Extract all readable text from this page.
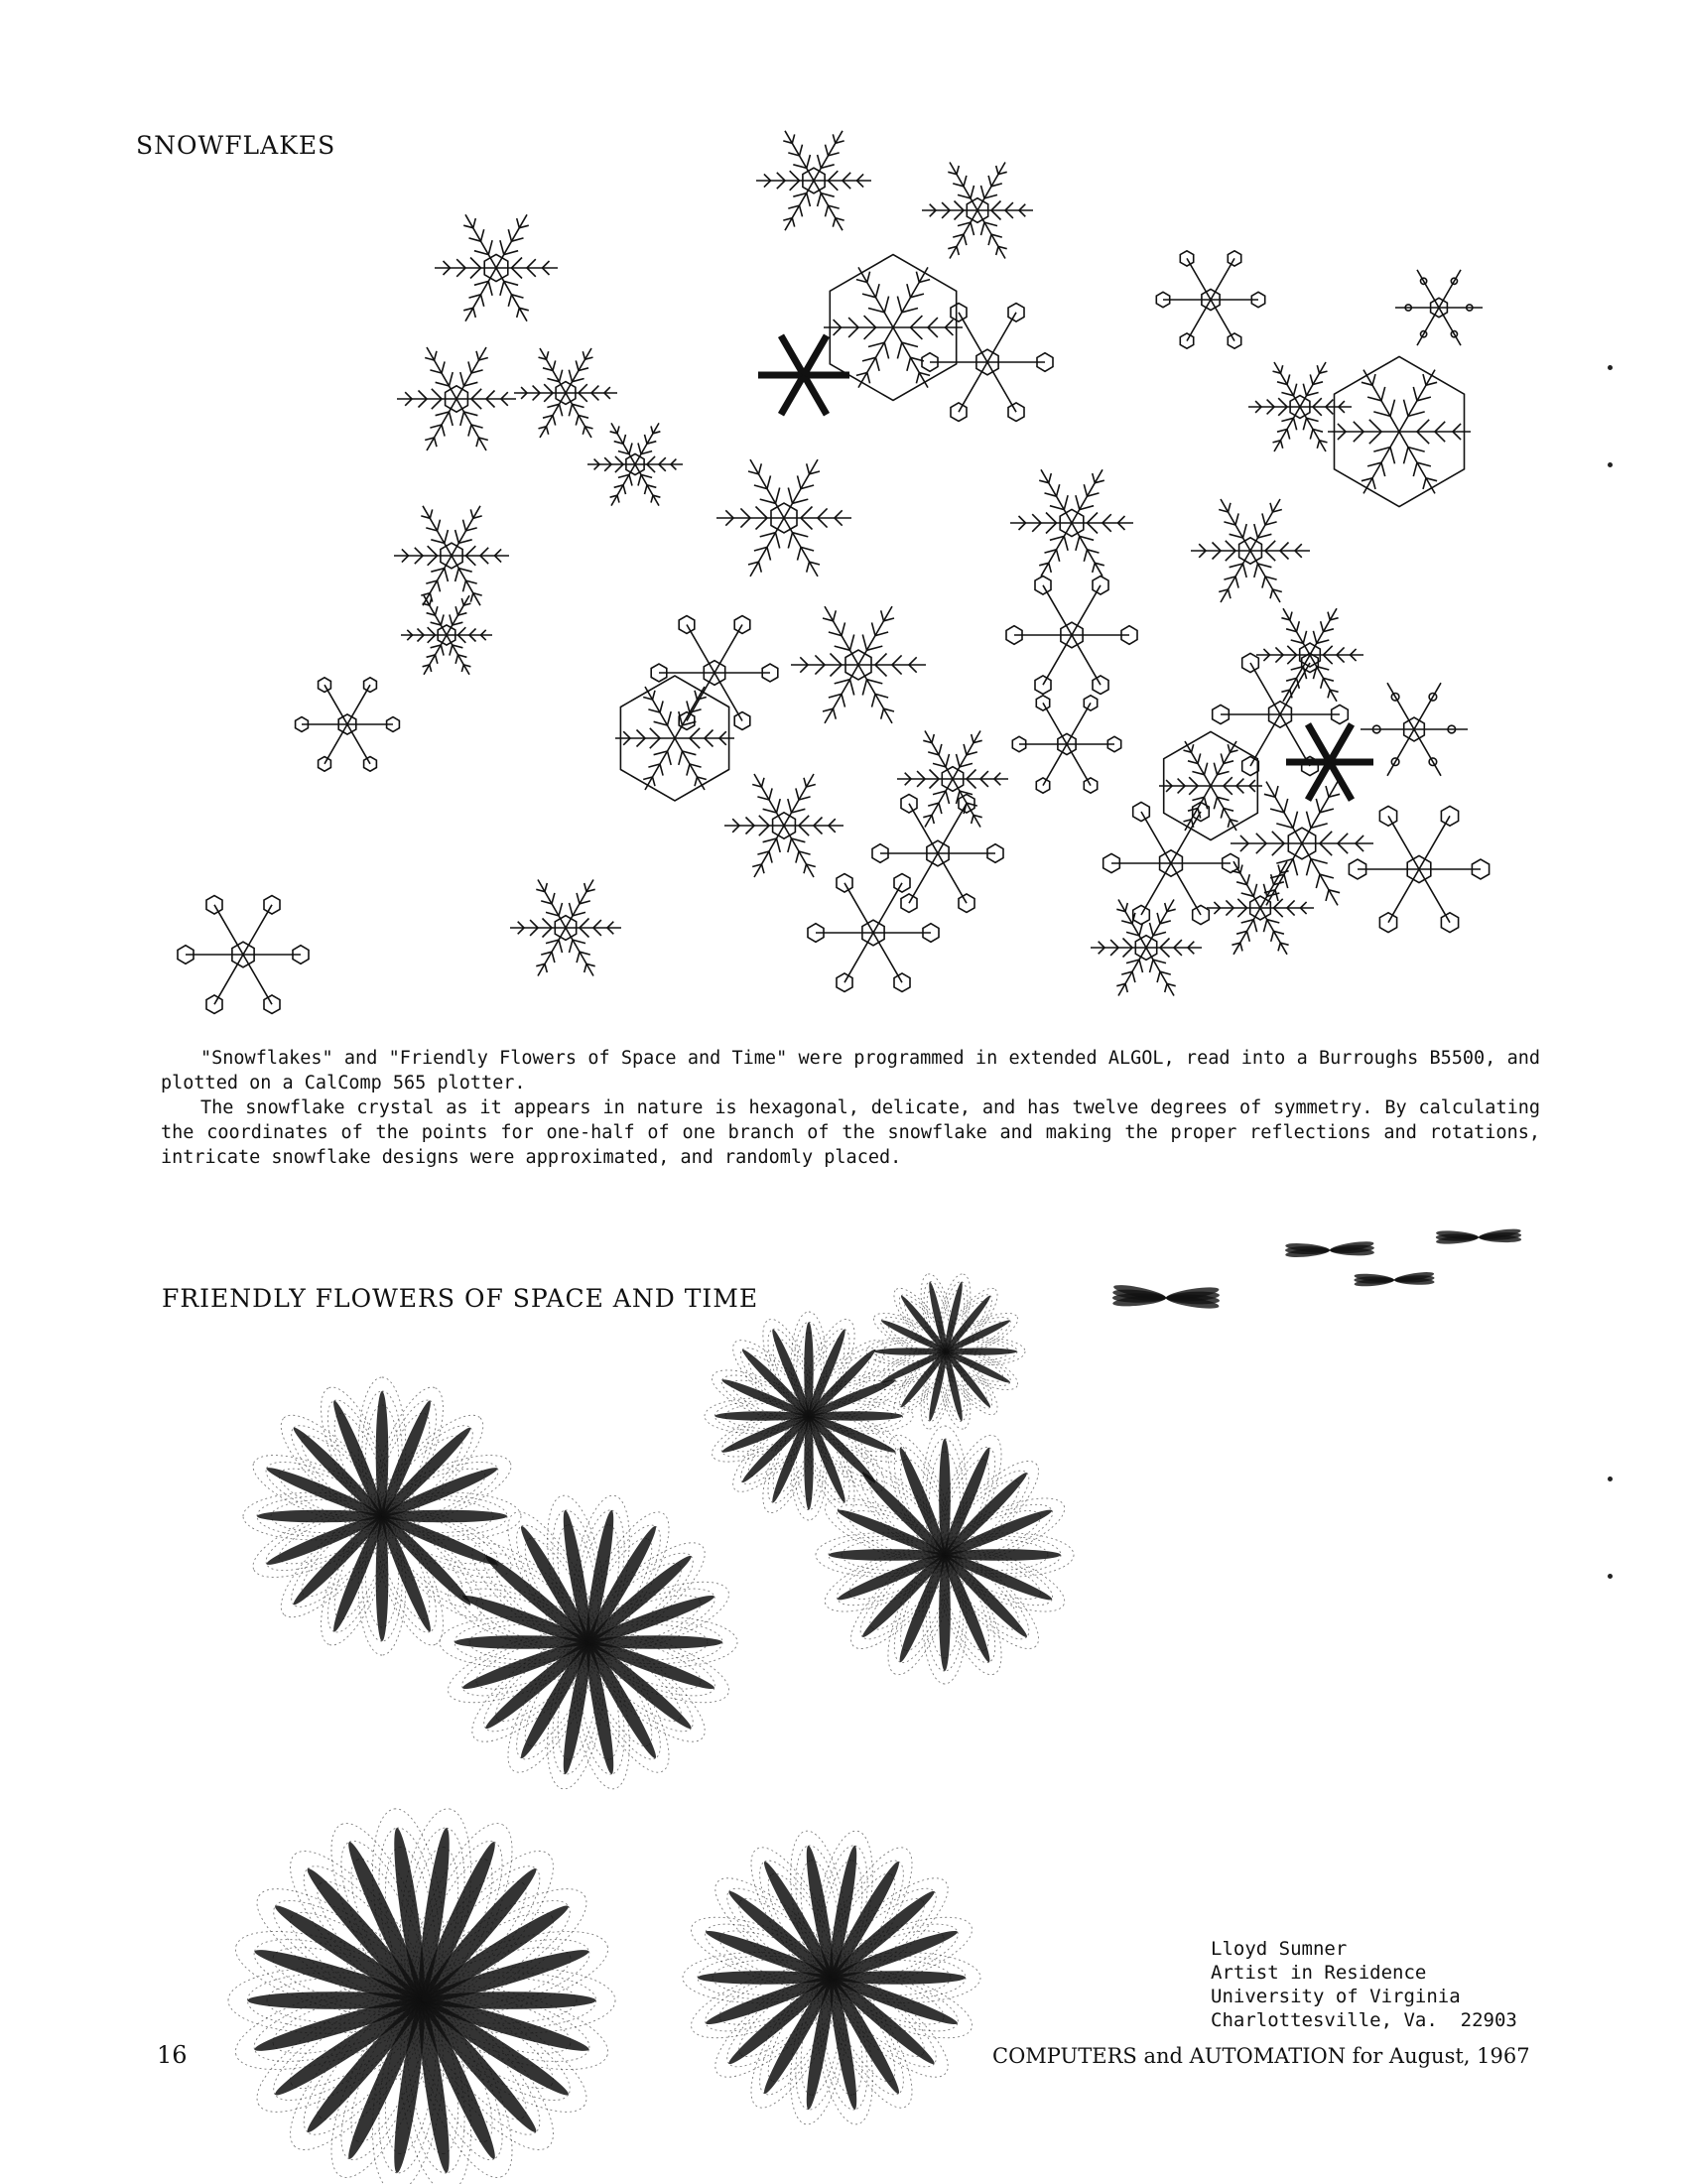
SNOWFLAKES

"Snowflakes" and "Friendly Flowers of Space and Time" were programmed in extended ALGOL, read into a Burroughs B5500, and plotted on a CalComp 565 plotter.

The snowflake crystal as it appears in nature is hexagonal, delicate, and has twelve degrees of symmetry. By calculating the coordinates of the points for one-half of one branch of the snowflake and making the proper reflections and rotations, intricate snowflake designs were approximated, and randomly placed.

FRIENDLY FLOWERS OF SPACE AND TIME
Lloyd Sumner
Artist in Residence
University of Virginia
Charlottesville, Va.  22903
16	COMPUTERS and AUTOMATION for August, 1967
